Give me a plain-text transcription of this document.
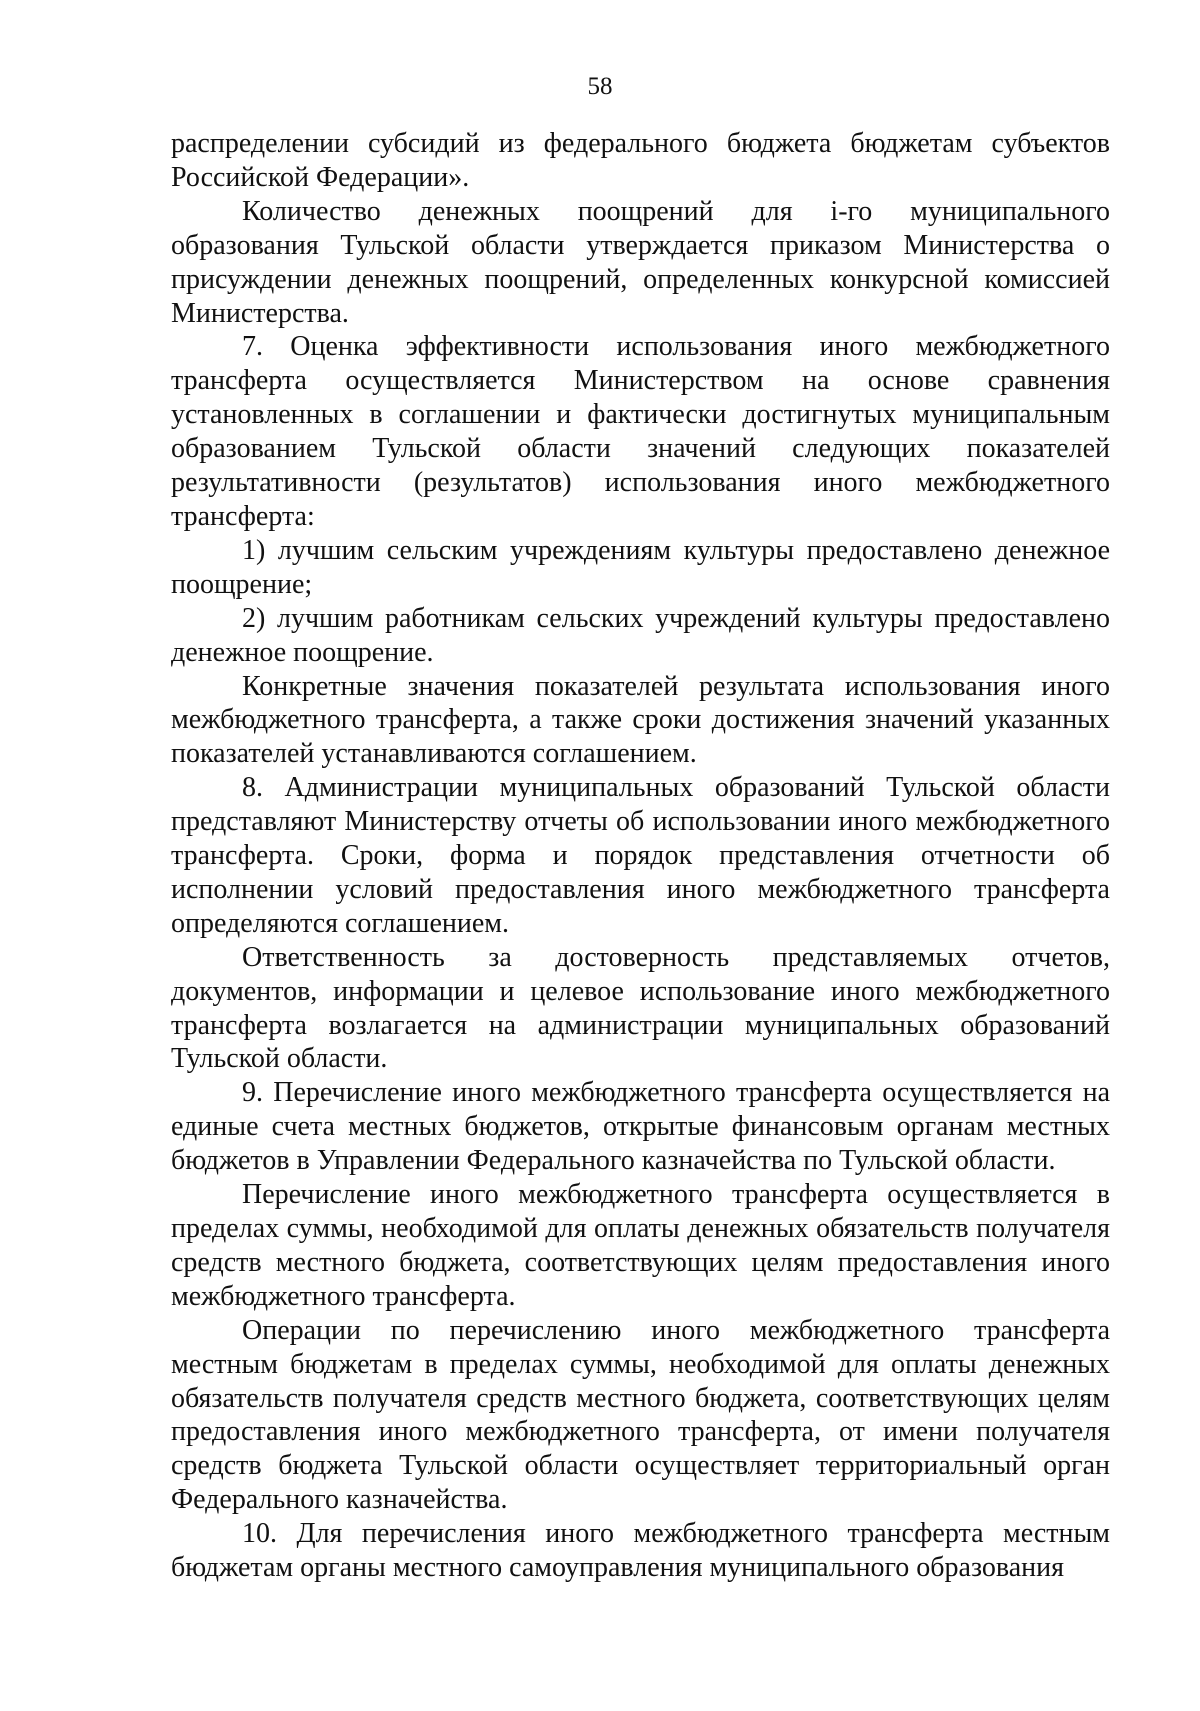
58

распределении субсидий из федерального бюджета бюджетам субъектов Российской Федерации».

Количество денежных поощрений для i-го муниципального образования Тульской области утверждается приказом Министерства о присуждении денежных поощрений, определенных конкурсной комиссией Министерства.

7. Оценка эффективности использования иного межбюджетного трансферта осуществляется Министерством на основе сравнения установленных в соглашении и фактически достигнутых муниципальным образованием Тульской области значений следующих показателей результативности (результатов) использования иного межбюджетного трансферта:

1) лучшим сельским учреждениям культуры предоставлено денежное поощрение;

2) лучшим работникам сельских учреждений культуры предоставлено денежное поощрение.

Конкретные значения показателей результата использования иного межбюджетного трансферта, а также сроки достижения значений указанных показателей устанавливаются соглашением.

8. Администрации муниципальных образований Тульской области представляют Министерству отчеты об использовании иного межбюджетного трансферта. Сроки, форма и порядок представления отчетности об исполнении условий предоставления иного межбюджетного трансферта определяются соглашением.

Ответственность за достоверность представляемых отчетов, документов, информации и целевое использование иного межбюджетного трансферта возлагается на администрации муниципальных образований Тульской области.

9. Перечисление иного межбюджетного трансферта осуществляется на единые счета местных бюджетов, открытые финансовым органам местных бюджетов в Управлении Федерального казначейства по Тульской области.

Перечисление иного межбюджетного трансферта осуществляется в пределах суммы, необходимой для оплаты денежных обязательств получателя средств местного бюджета, соответствующих целям предоставления иного межбюджетного трансферта.

Операции по перечислению иного межбюджетного трансферта местным бюджетам в пределах суммы, необходимой для оплаты денежных обязательств получателя средств местного бюджета, соответствующих целям предоставления иного межбюджетного трансферта, от имени получателя средств бюджета Тульской области осуществляет территориальный орган Федерального казначейства.

10. Для перечисления иного межбюджетного трансферта местным бюджетам органы местного самоуправления муниципального образования
